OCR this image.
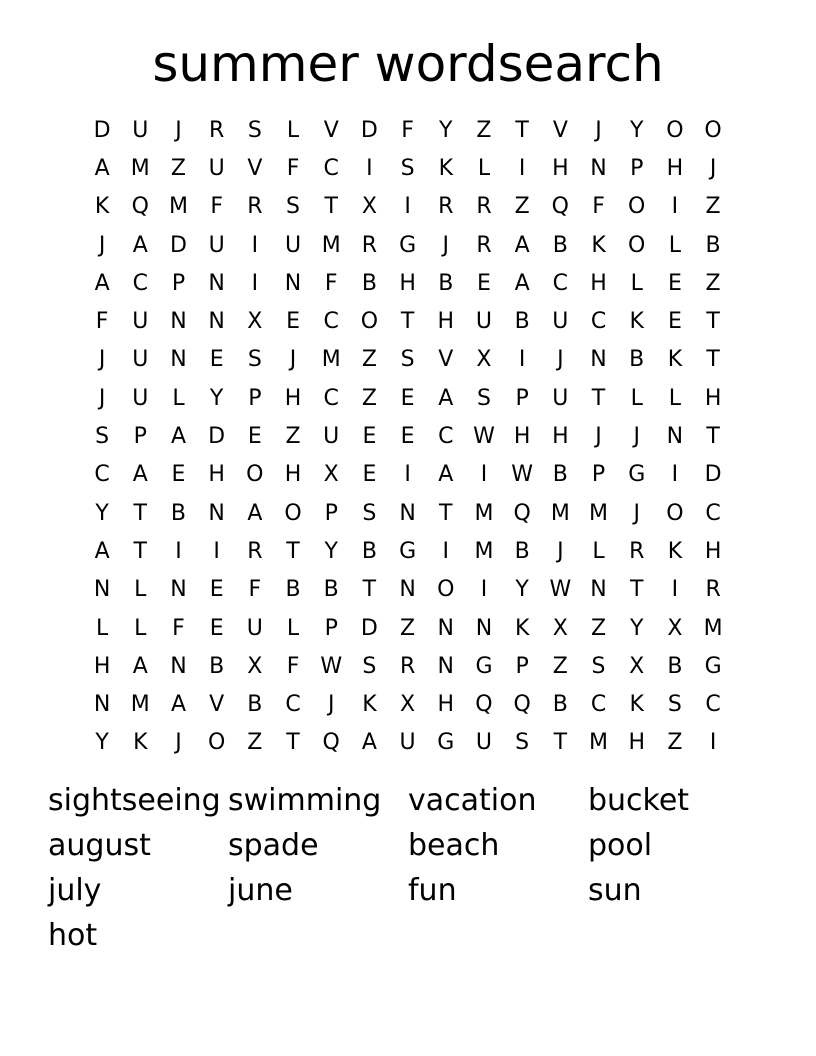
summer wordsearch
D U	J	R	S	L	V	D	F	Y	Z	T	V	J	Y	O O
A M Z	U	V	F	C	I	S	K	L	I	H N	P	H	J
K	Q M	F	R	S	T	X	I	R	R	Z Q	F	O	I	Z
J	A	D U	I	U M R	G	J	R	A	B	K	O	L	B
A	C	P	N	I	N	F	B	H	B	E	A	C	H	L	E	Z
F	U N N	X	E	C O	T	H U	B	U	C	K	E	T
J	U N	E	S	J	M Z	S	V	X	I	J	N	B	K	T
J	U	L	Y	P	H	C	Z	E	A	S	P	U	T	L	L	H
S	P	A	D	E	Z	U	E	E	C W H H	J	J	N	T
C	A	E	H O H	X	E	I	A	I	W B	P	G	I	D
Y	T	B	N	A O	P	S	N	T M Q M M	J	O C
A	T	I	I	R	T	Y	B	G	I	M B	J	L	R	K	H
N	L	N	E	F	B	B	T	N O	I	Y W N	T	I	R
L	L	F	E	U	L	P	D	Z	N N	K	X	Z	Y	X M
H	A	N	B	X	F W S	R	N G	P	Z	S	X	B	G
N M A	V	B	C	J	K	X	H Q Q B	C	K	S	C
Y	K	J	O Z	T	Q	A	U G U	S	T M H	Z	I
sightseeing swimming vacation	bucket
august	spade	beach	pool
july	june	fun	sun
hot
